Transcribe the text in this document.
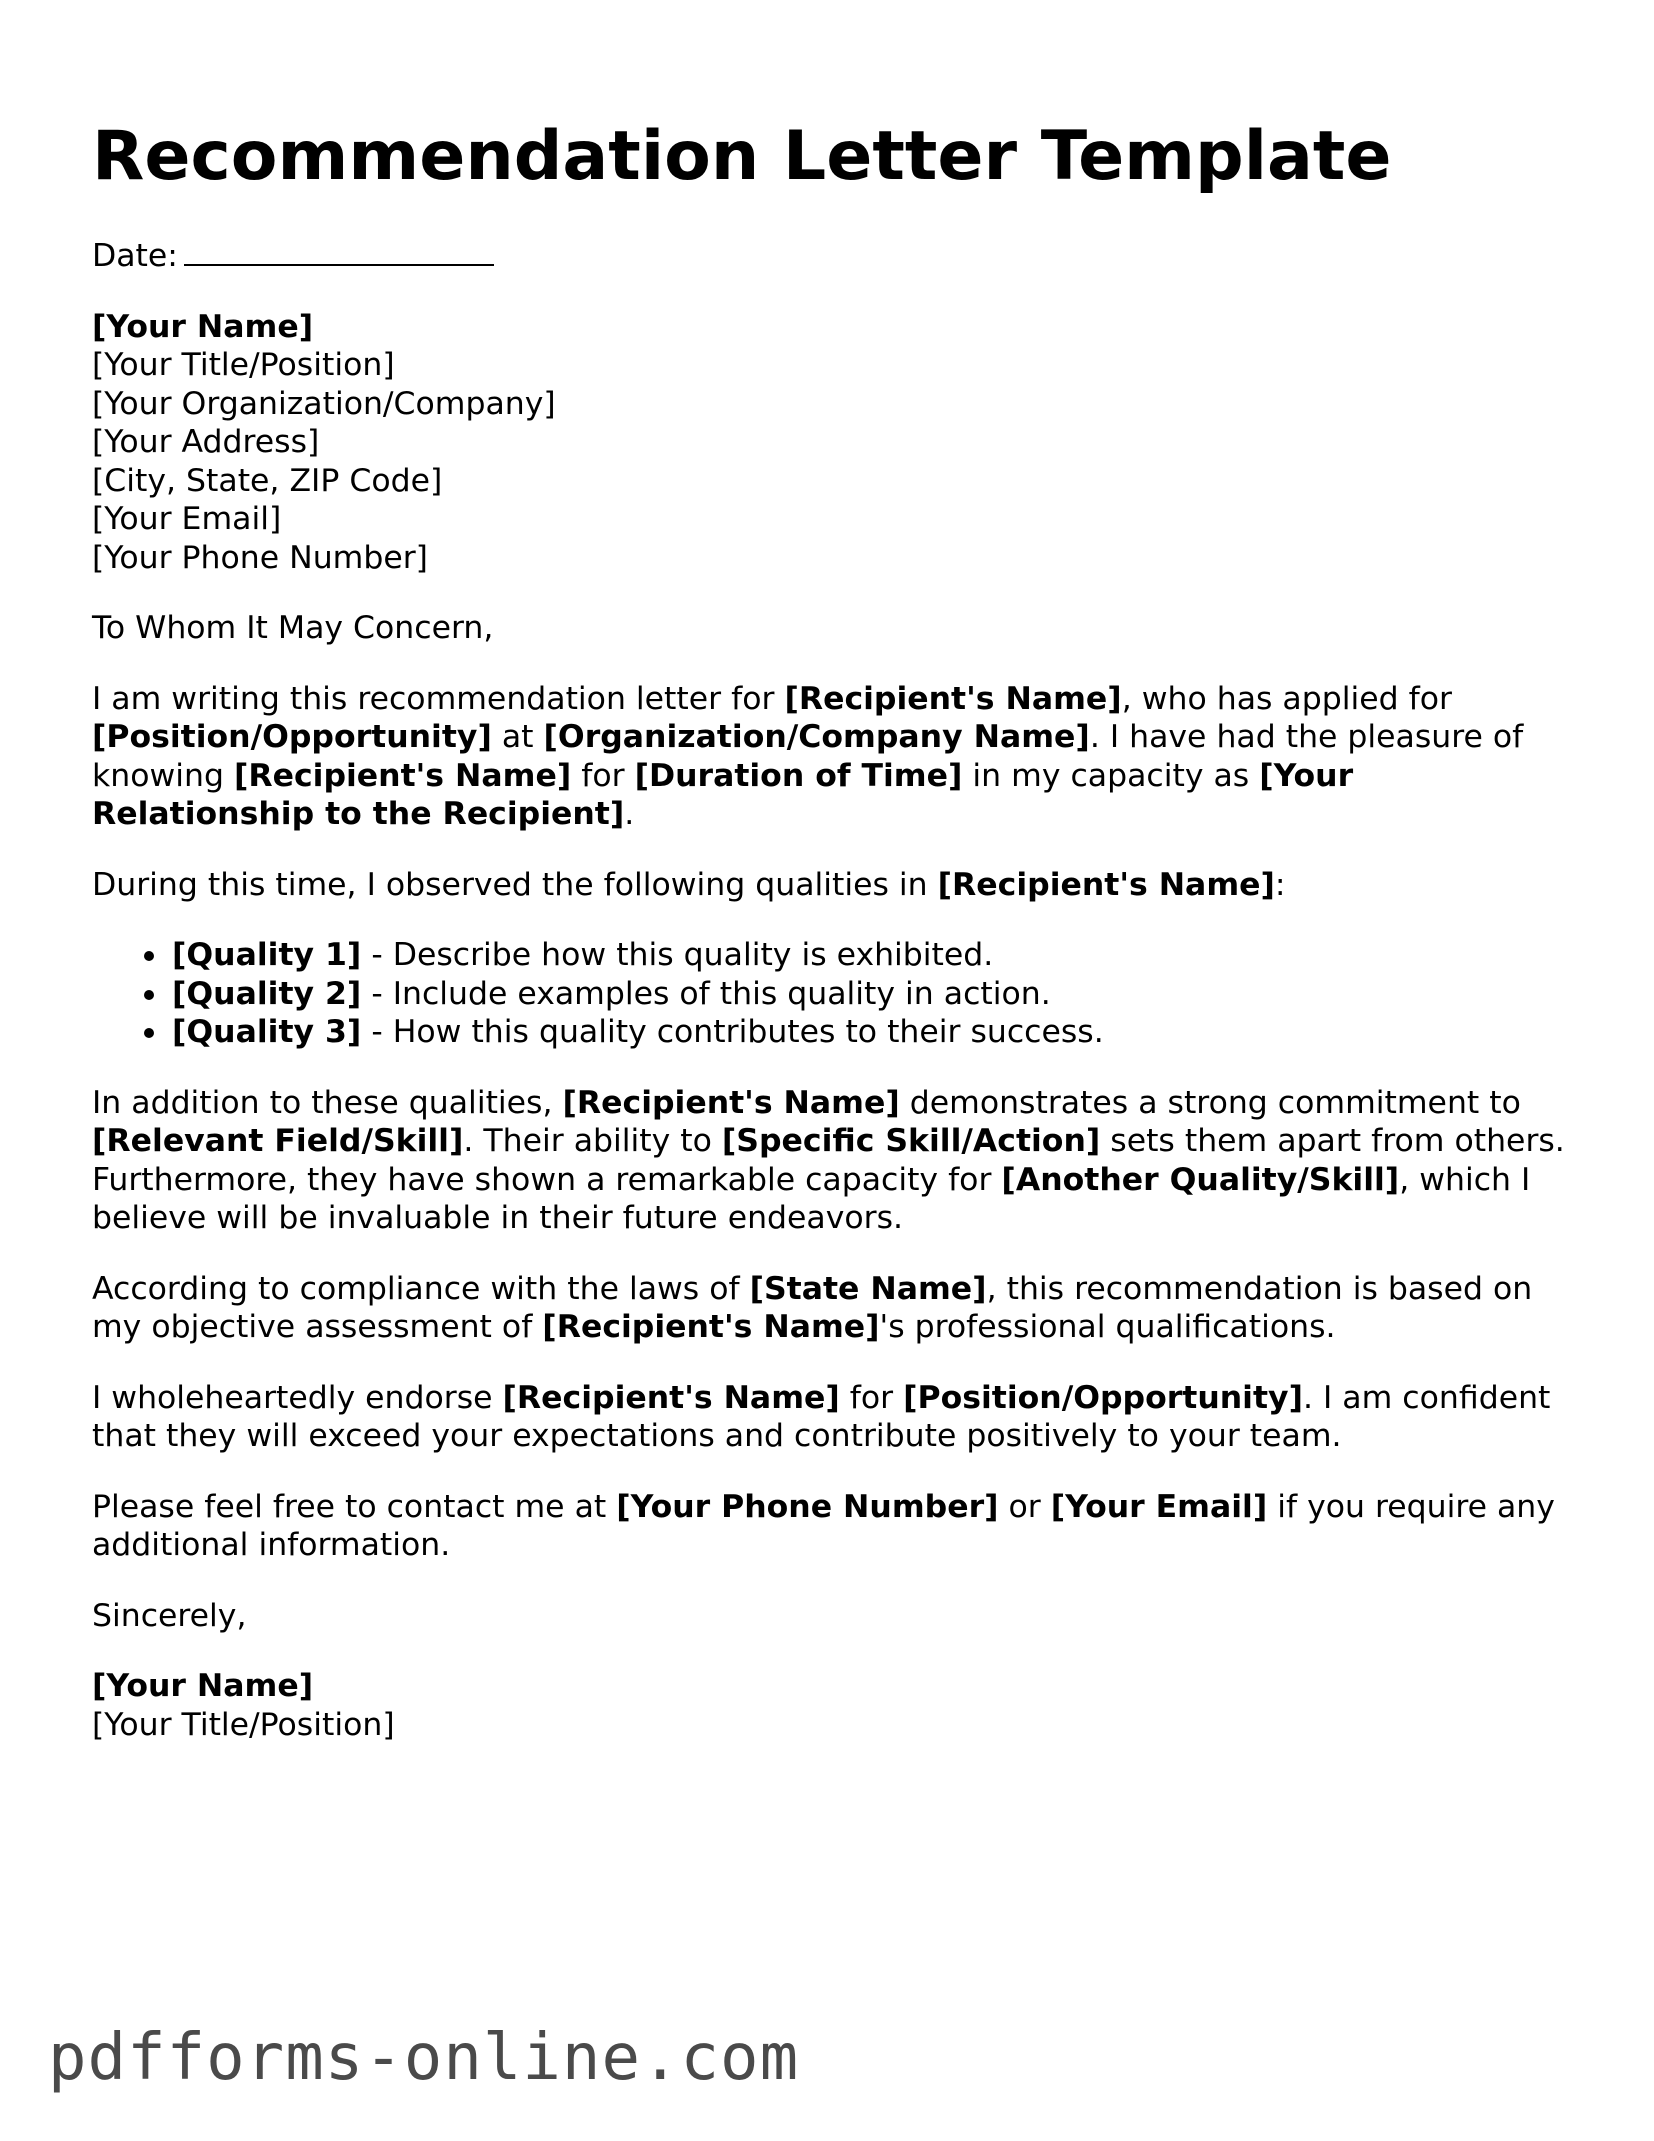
Recommendation Letter Template

Date:

[Your Name]
[Your Title/Position]
[Your Organization/Company]
[Your Address]
[City, State, ZIP Code]
[Your Email]
[Your Phone Number]

To Whom It May Concern,

I am writing this recommendation letter for [Recipient's Name], who has applied for [Position/Opportunity] at [Organization/Company Name]. I have had the pleasure of knowing [Recipient's Name] for [Duration of Time] in my capacity as [Your Relationship to the Recipient].

During this time, I observed the following qualities in [Recipient's Name]:

[Quality 1] - Describe how this quality is exhibited.
[Quality 2] - Include examples of this quality in action.
[Quality 3] - How this quality contributes to their success.

In addition to these qualities, [Recipient's Name] demonstrates a strong commitment to [Relevant Field/Skill]. Their ability to [Specific Skill/Action] sets them apart from others. Furthermore, they have shown a remarkable capacity for [Another Quality/Skill], which I believe will be invaluable in their future endeavors.

According to compliance with the laws of [State Name], this recommendation is based on my objective assessment of [Recipient's Name]'s professional qualifications.

I wholeheartedly endorse [Recipient's Name] for [Position/Opportunity]. I am confident that they will exceed your expectations and contribute positively to your team.

Please feel free to contact me at [Your Phone Number] or [Your Email] if you require any additional information.

Sincerely,

[Your Name]
[Your Title/Position]

pdfforms-online.com
